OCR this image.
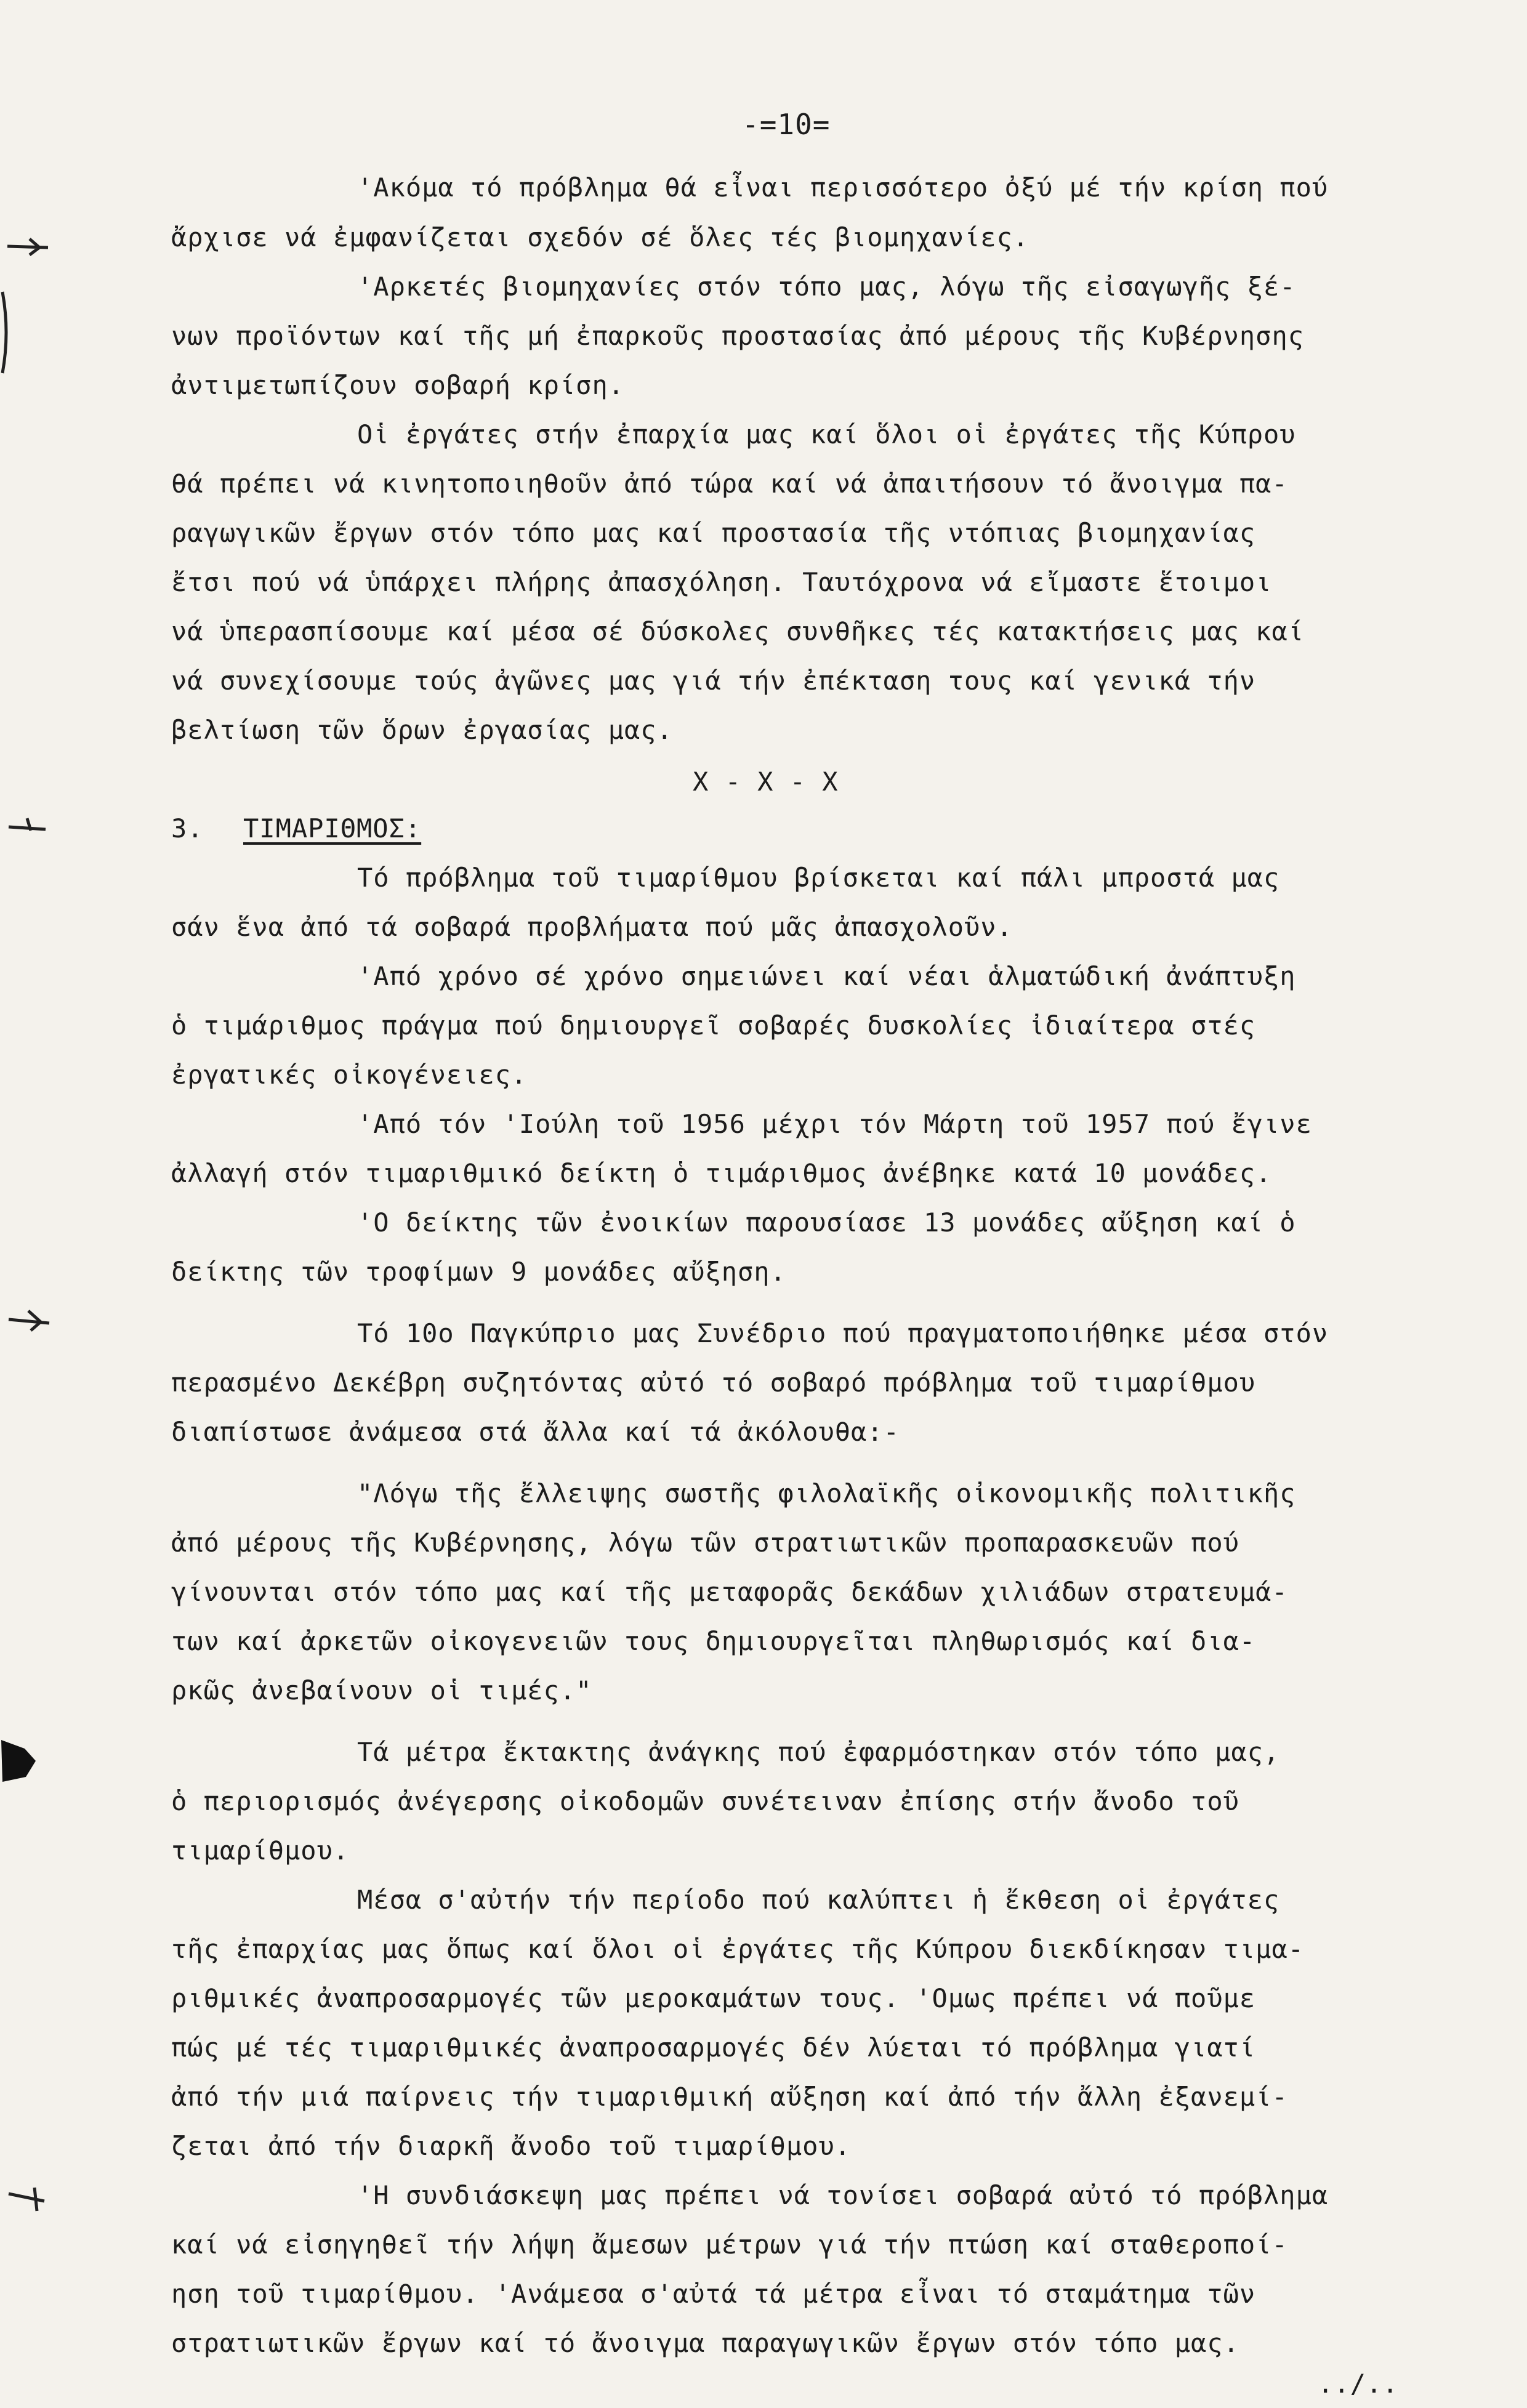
-=10=
'Ακόμα τό πρόβλημα θά εἶναι περισσότερο ὀξύ μέ τήν κρίση πού
ἄρχισε νά ἐμφανίζεται σχεδόν σέ ὅλες τές βιομηχανίες.
'Αρκετές βιομηχανίες στόν τόπο μας, λόγω τῆς εἰσαγωγῆς ξέ-
νων προϊόντων καί τῆς μή ἐπαρκοῦς προστασίας ἀπό μέρους τῆς Κυβέρνησης
ἀντιμετωπίζουν σοβαρή κρίση.
Οἱ ἐργάτες στήν ἐπαρχία μας καί ὅλοι οἱ ἐργάτες τῆς Κύπρου
θά πρέπει νά κινητοποιηθοῦν ἀπό τώρα καί νά ἀπαιτήσουν τό ἄνοιγμα πα-
ραγωγικῶν ἔργων στόν τόπο μας καί προστασία τῆς ντόπιας βιομηχανίας
ἔτσι πού νά ὑπάρχει πλήρης ἀπασχόληση. Ταυτόχρονα νά εἴμαστε ἕτοιμοι
νά ὑπερασπίσουμε καί μέσα σέ δύσκολες συνθῆκες τές κατακτήσεις μας καί
νά συνεχίσουμε τούς ἀγῶνες μας γιά τήν ἐπέκταση τους καί γενικά τήν
βελτίωση τῶν ὅρων ἐργασίας μας.
Χ - Χ - Χ
3. ΤΙΜΑΡΙΘΜΟΣ:
Τό πρόβλημα τοῦ τιμαρίθμου βρίσκεται καί πάλι μπροστά μας
σάν ἕνα ἀπό τά σοβαρά προβλήματα πού μᾶς ἀπασχολοῦν.
'Από χρόνο σέ χρόνο σημειώνει καί νέαι ἁλματώδική ἀνάπτυξη
ὁ τιμάριθμος πράγμα πού δημιουργεῖ σοβαρές δυσκολίες ἰδιαίτερα στές
ἐργατικές οἰκογένειες.
'Από τόν 'Ιούλη τοῦ 1956 μέχρι τόν Μάρτη τοῦ 1957 πού ἔγινε
ἀλλαγή στόν τιμαριθμικό δείκτη ὁ τιμάριθμος ἀνέβηκε κατά 10 μονάδες.
'Ο δείκτης τῶν ἐνοικίων παρουσίασε 13 μονάδες αὔξηση καί ὁ
δείκτης τῶν τροφίμων 9 μονάδες αὔξηση.
Τό 10ο Παγκύπριο μας Συνέδριο πού πραγματοποιήθηκε μέσα στόν
περασμένο Δεκέβρη συζητόντας αὐτό τό σοβαρό πρόβλημα τοῦ τιμαρίθμου
διαπίστωσε ἀνάμεσα στά ἄλλα καί τά ἀκόλουθα:-
"Λόγω τῆς ἔλλειψης σωστῆς φιλολαϊκῆς οἰκονομικῆς πολιτικῆς
ἀπό μέρους τῆς Κυβέρνησης, λόγω τῶν στρατιωτικῶν προπαρασκευῶν πού
γίνουνται στόν τόπο μας καί τῆς μεταφορᾶς δεκάδων χιλιάδων στρατευμά-
των καί ἀρκετῶν οἰκογενειῶν τους δημιουργεῖται πληθωρισμός καί δια-
ρκῶς ἀνεβαίνουν οἱ τιμές."
Τά μέτρα ἔκτακτης ἀνάγκης πού ἐφαρμόστηκαν στόν τόπο μας,
ὁ περιορισμός ἀνέγερσης οἰκοδομῶν συνέτειναν ἐπίσης στήν ἄνοδο τοῦ
τιμαρίθμου.
Μέσα σ'αὐτήν τήν περίοδο πού καλύπτει ἡ ἔκθεση οἱ ἐργάτες
τῆς ἐπαρχίας μας ὅπως καί ὅλοι οἱ ἐργάτες τῆς Κύπρου διεκδίκησαν τιμα-
ριθμικές ἀναπροσαρμογές τῶν μεροκαμάτων τους. 'Ομως πρέπει νά ποῦμε
πώς μέ τές τιμαριθμικές ἀναπροσαρμογές δέν λύεται τό πρόβλημα γιατί
ἀπό τήν μιά παίρνεις τήν τιμαριθμική αὔξηση καί ἀπό τήν ἄλλη ἐξανεμί-
ζεται ἀπό τήν διαρκῆ ἄνοδο τοῦ τιμαρίθμου.
'Η συνδιάσκεψη μας πρέπει νά τονίσει σοβαρά αὐτό τό πρόβλημα
καί νά εἰσηγηθεῖ τήν λήψη ἄμεσων μέτρων γιά τήν πτώση καί σταθεροποί-
ηση τοῦ τιμαρίθμου. 'Ανάμεσα σ'αὐτά τά μέτρα εἶναι τό σταμάτημα τῶν
στρατιωτικῶν ἔργων καί τό ἄνοιγμα παραγωγικῶν ἔργων στόν τόπο μας.
../..
